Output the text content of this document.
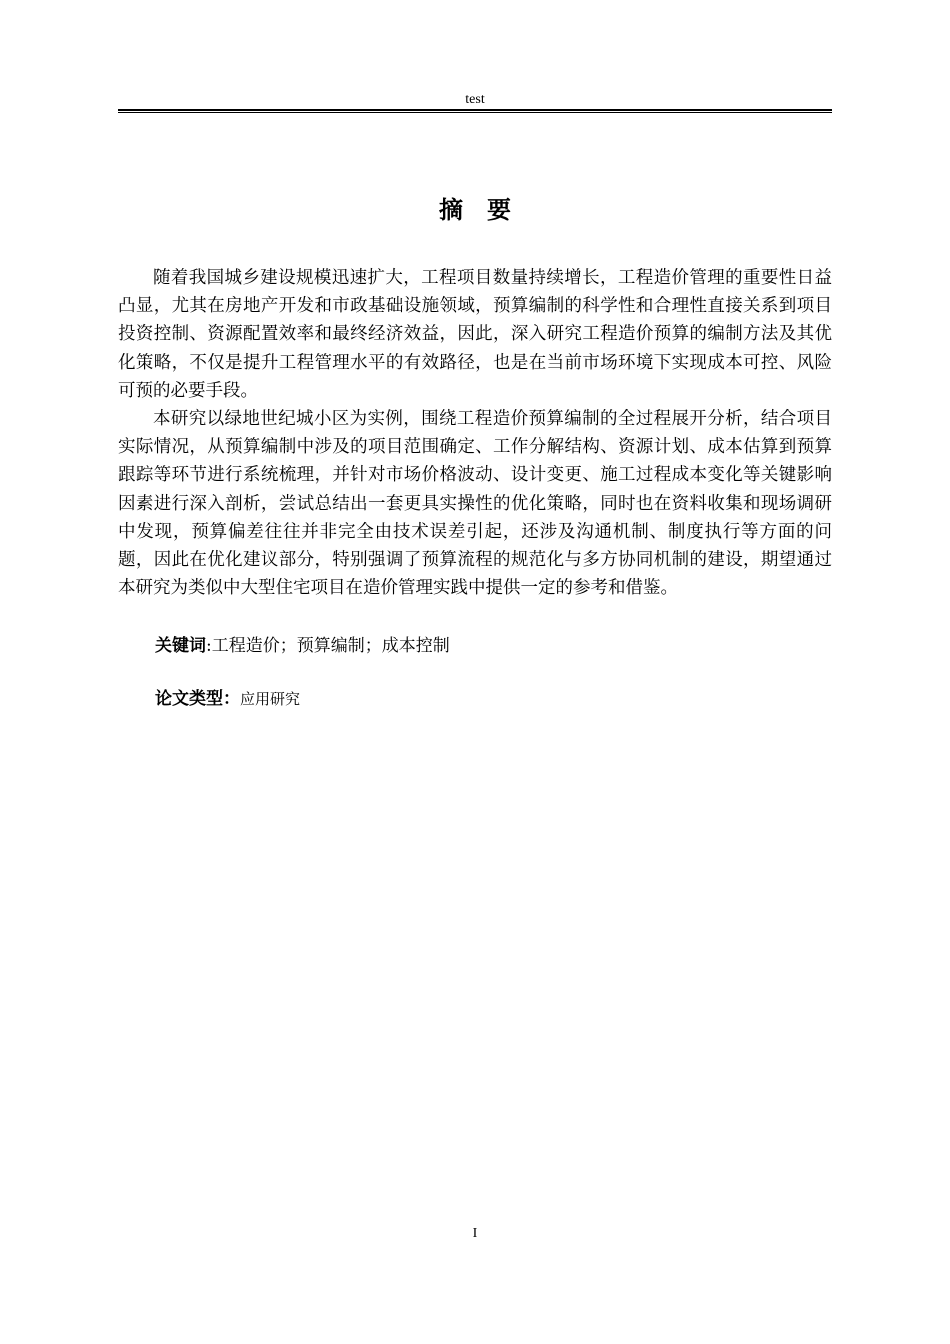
test
摘要

随着我国城乡建设规模迅速扩大，工程项目数量持续增长，工程造价管理的重要性日益凸显，尤其在房地产开发和市政基础设施领域，预算编制的科学性和合理性直接关系到项目投资控制、资源配置效率和最终经济效益，因此，深入研究工程造价预算的编制方法及其优化策略，不仅是提升工程管理水平的有效路径，也是在当前市场环境下实现成本可控、风险可预的必要手段。

本研究以绿地世纪城小区为实例，围绕工程造价预算编制的全过程展开分析，结合项目实际情况，从预算编制中涉及的项目范围确定、工作分解结构、资源计划、成本估算到预算跟踪等环节进行系统梳理，并针对市场价格波动、设计变更、施工过程成本变化等关键影响因素进行深入剖析，尝试总结出一套更具实操性的优化策略，同时也在资料收集和现场调研中发现，预算偏差往往并非完全由技术误差引起，还涉及沟通机制、制度执行等方面的问题，因此在优化建议部分，特别强调了预算流程的规范化与多方协同机制的建设，期望通过本研究为类似中大型住宅项目在造价管理实践中提供一定的参考和借鉴。

关键词:工程造价；预算编制；成本控制
论文类型：应用研究
I
